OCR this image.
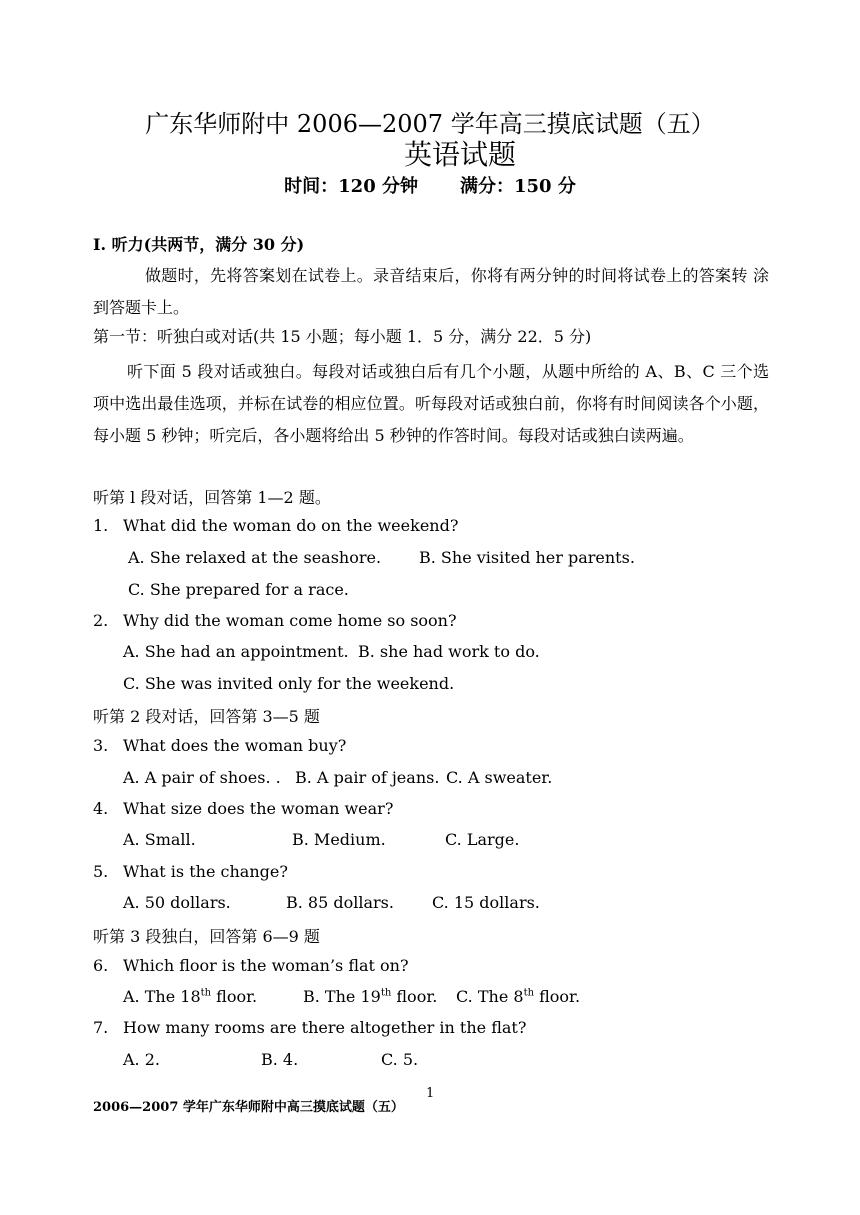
广东华师附中 2006—2007 学年高三摸底试题（五）
英语试题
时间：120 分钟 满分：150 分
I. 听力(共两节，满分 30 分)
做题时，先将答案划在试卷上。录音结束后，你将有两分钟的时间将试卷上的答案转 涂到答题卡上。
第一节：听独白或对话(共 15 小题；每小题 1．5 分，满分 22．5 分)
听下面 5 段对话或独白。每段对话或独白后有几个小题，从题中所给的 A、B、C 三个选项中选出最佳选项，并标在试卷的相应位置。听每段对话或独白前，你将有时间阅读各个小题，每小题 5 秒钟；听完后，各小题将给出 5 秒钟的作答时间。每段对话或独白读两遍。
听第 l 段对话，回答第 1—2 题。
1. What did the woman do on the weekend?
A. She relaxed at the seashore. B. She visited her parents.
C. She prepared for a race.
2. Why did the woman come home so soon?
A. She had an appointment. B. she had work to do.
C. She was invited only for the weekend.
听第 2 段对话，回答第 3—5 题
3. What does the woman buy?
A. A pair of shoes. . B. A pair of jeans. C. A sweater.
4. What size does the woman wear?
A. Small.	B. Medium.	C. Large.
5. What is the change?
A. 50 dollars.	B. 85 dollars. C. 15 dollars.
听第 3 段独白，回答第 6—9 题
6. Which floor is the woman’s flat on?
A. The 18th floor.	B. The 19th floor. C. The 8th floor.
7. How many rooms are there altogether in the flat?
A. 2.	B. 4.	C. 5.
2006—2007 学年广东华师附中高三摸底试题（五）
1
